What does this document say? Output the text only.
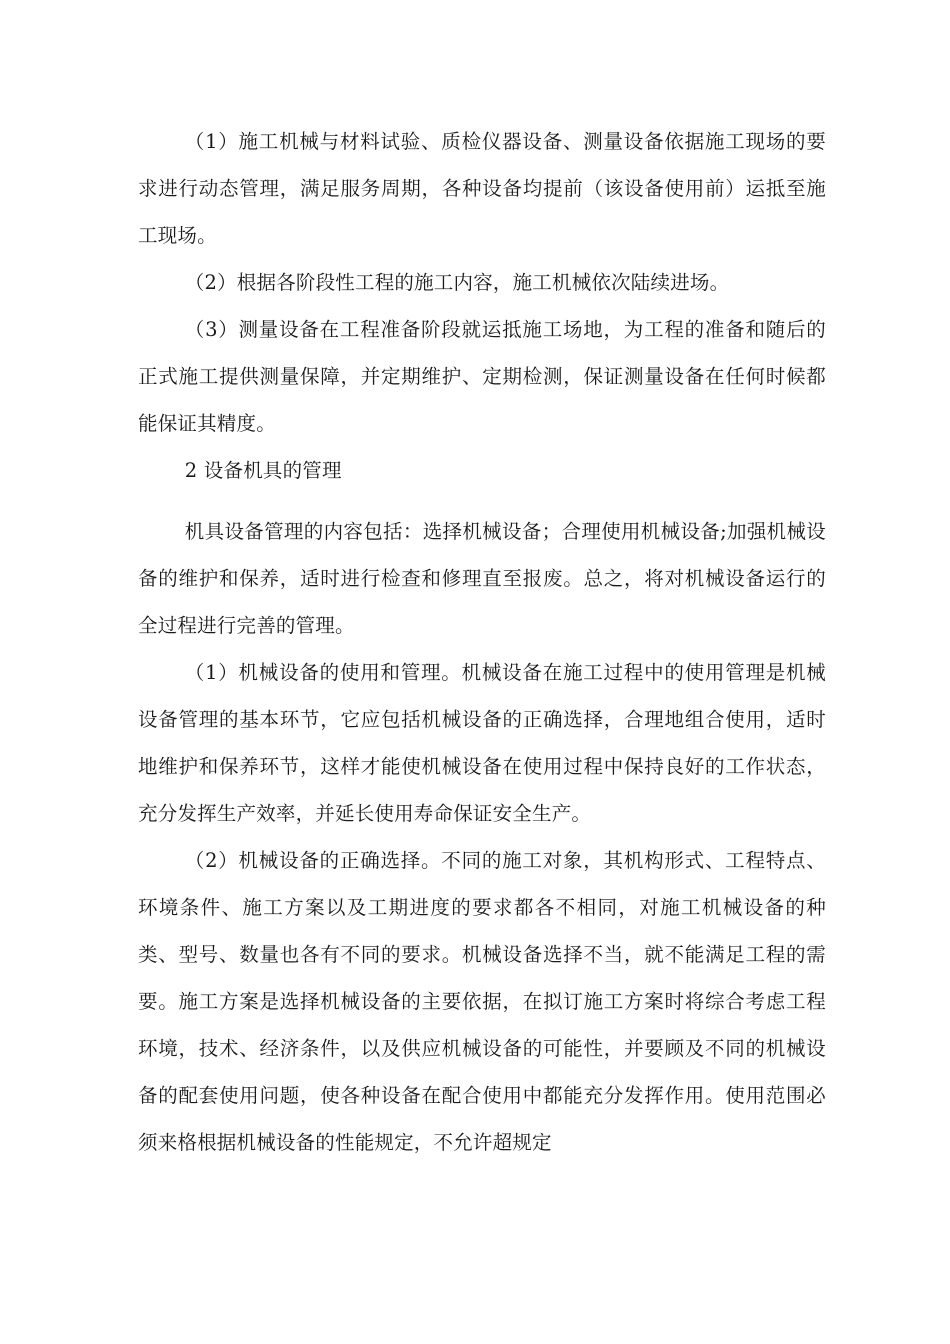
（1）施工机械与材料试验、质检仪器设备、测量设备依据施工现场的要求进行动态管理，满足服务周期，各种设备均提前（该设备使用前）运抵至施工现场。

（2）根据各阶段性工程的施工内容，施工机械依次陆续进场。

（3）测量设备在工程准备阶段就运抵施工场地，为工程的准备和随后的正式施工提供测量保障，并定期维护、定期检测，保证测量设备在任何时候都能保证其精度。

2 设备机具的管理

机具设备管理的内容包括：选择机械设备；合理使用机械设备;加强机械设备的维护和保养，适时进行检查和修理直至报废。总之，将对机械设备运行的全过程进行完善的管理。

（1）机械设备的使用和管理。机械设备在施工过程中的使用管理是机械设备管理的基本环节，它应包括机械设备的正确选择，合理地组合使用，适时地维护和保养环节，这样才能使机械设备在使用过程中保持良好的工作状态，充分发挥生产效率，并延长使用寿命保证安全生产。

（2）机械设备的正确选择。不同的施工对象，其机构形式、工程特点、环境条件、施工方案以及工期进度的要求都各不相同，对施工机械设备的种类、型号、数量也各有不同的要求。机械设备选择不当，就不能满足工程的需要。施工方案是选择机械设备的主要依据，在拟订施工方案时将综合考虑工程环境，技术、经济条件，以及供应机械设备的可能性，并要顾及不同的机械设备的配套使用问题，使各种设备在配合使用中都能充分发挥作用。使用范围必须来格根据机械设备的性能规定，不允许超规定
